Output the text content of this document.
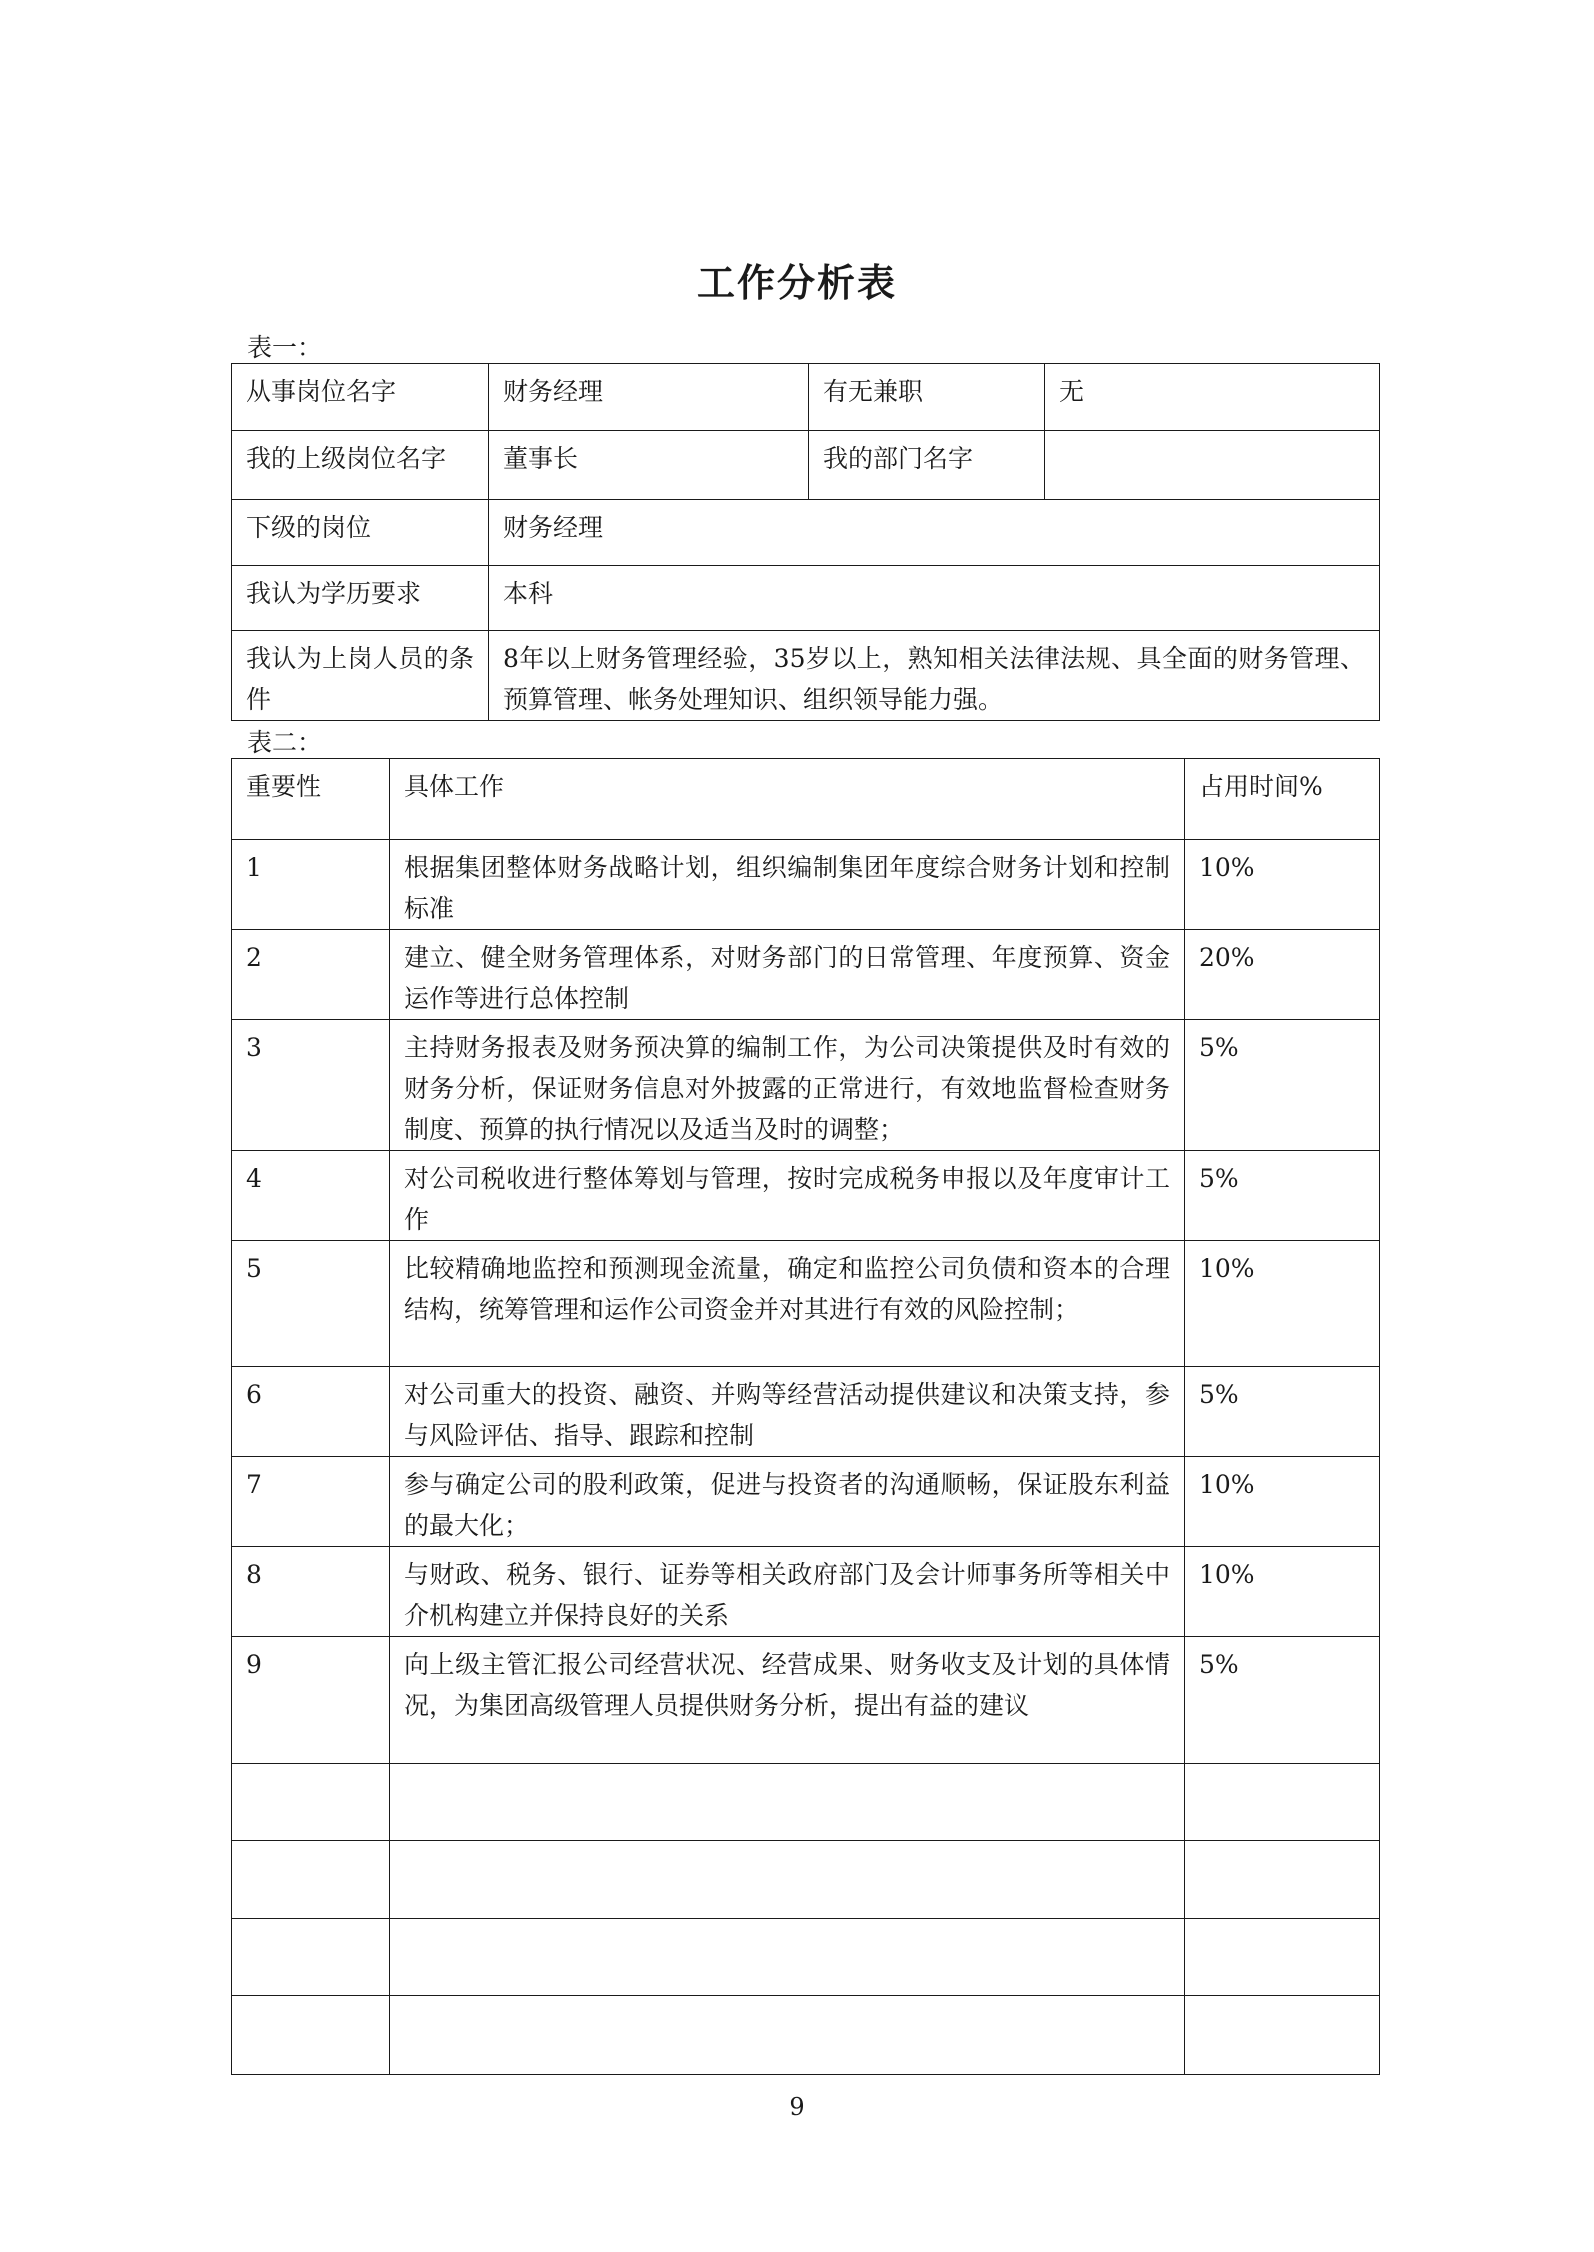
工作分析表
表一：
从事岗位名字	财务经理	有无兼职	无
我的上级岗位名字	董事长	我的部门名字	
下级的岗位	财务经理		
我认为学历要求	本科		
我认为上岗人员的条件	8年以上财务管理经验，35岁以上，熟知相关法律法规、具全面的财务管理、预算管理、帐务处理知识、组织领导能力强。		
表二：
重要性	具体工作	占用时间%
1	根据集团整体财务战略计划，组织编制集团年度综合财务计划和控制标准	10%
2	建立、健全财务管理体系，对财务部门的日常管理、年度预算、资金运作等进行总体控制	20%
3	主持财务报表及财务预决算的编制工作，为公司决策提供及时有效的财务分析，保证财务信息对外披露的正常进行，有效地监督检查财务制度、预算的执行情况以及适当及时的调整；	5%
4	对公司税收进行整体筹划与管理，按时完成税务申报以及年度审计工作	5%
5	比较精确地监控和预测现金流量，确定和监控公司负债和资本的合理结构，统筹管理和运作公司资金并对其进行有效的风险控制；	10%
6	对公司重大的投资、融资、并购等经营活动提供建议和决策支持，参与风险评估、指导、跟踪和控制	5%
7	参与确定公司的股利政策，促进与投资者的沟通顺畅，保证股东利益的最大化；	10%
8	与财政、税务、银行、证券等相关政府部门及会计师事务所等相关中介机构建立并保持良好的关系	10%
9	向上级主管汇报公司经营状况、经营成果、财务收支及计划的具体情况，为集团高级管理人员提供财务分析，提出有益的建议	5%

9
